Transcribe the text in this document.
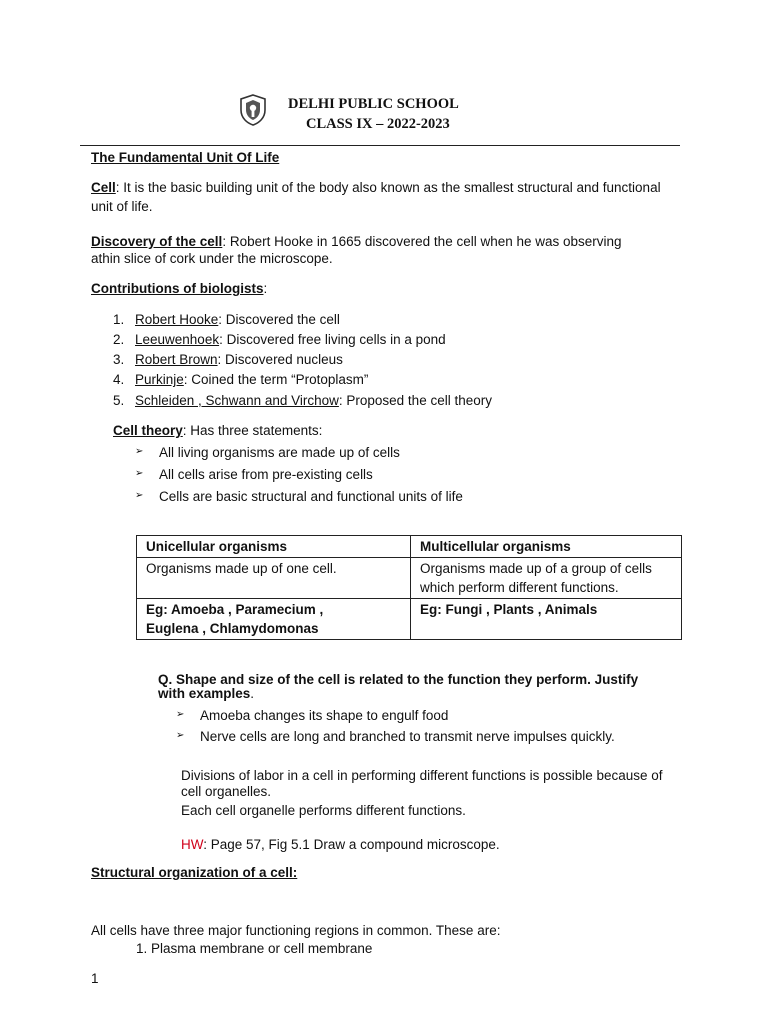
DELHI PUBLIC SCHOOL
CLASS IX – 2022-2023
The Fundamental Unit Of Life
Cell: It is the basic building unit of the body also known as the smallest structural and functional
unit of life.
Discovery of the cell: Robert Hooke in 1665 discovered the cell when he was observing
athin slice of cork under the microscope.
Contributions of biologists:
1. Robert Hooke: Discovered the cell
2. Leeuwenhoek: Discovered free living cells in a pond
3. Robert Brown: Discovered nucleus
4. Purkinje: Coined the term “Protoplasm”
5. Schleiden , Schwann and Virchow: Proposed the cell theory
Cell theory: Has three statements:
➢ All living organisms are made up of cells
➢ All cells arise from pre-existing cells
➢ Cells are basic structural and functional units of life
Unicellular organisms	Multicellular organisms
Organisms made up of one cell.	Organisms made up of a group of cells
which perform different functions.

Eg: Amoeba , Paramecium ,
Euglena , Chlamydomonas	Eg: Fungi , Plants , Animals
Q. Shape and size of the cell is related to the function they perform. Justify
with examples.
➢ Amoeba changes its shape to engulf food
➢ Nerve cells are long and branched to transmit nerve impulses quickly.
Divisions of labor in a cell in performing different functions is possible because of
cell organelles.
Each cell organelle performs different functions.
HW: Page 57, Fig 5.1 Draw a compound microscope.
Structural organization of a cell:
All cells have three major functioning regions in common. These are:
1. Plasma membrane or cell membrane
1
